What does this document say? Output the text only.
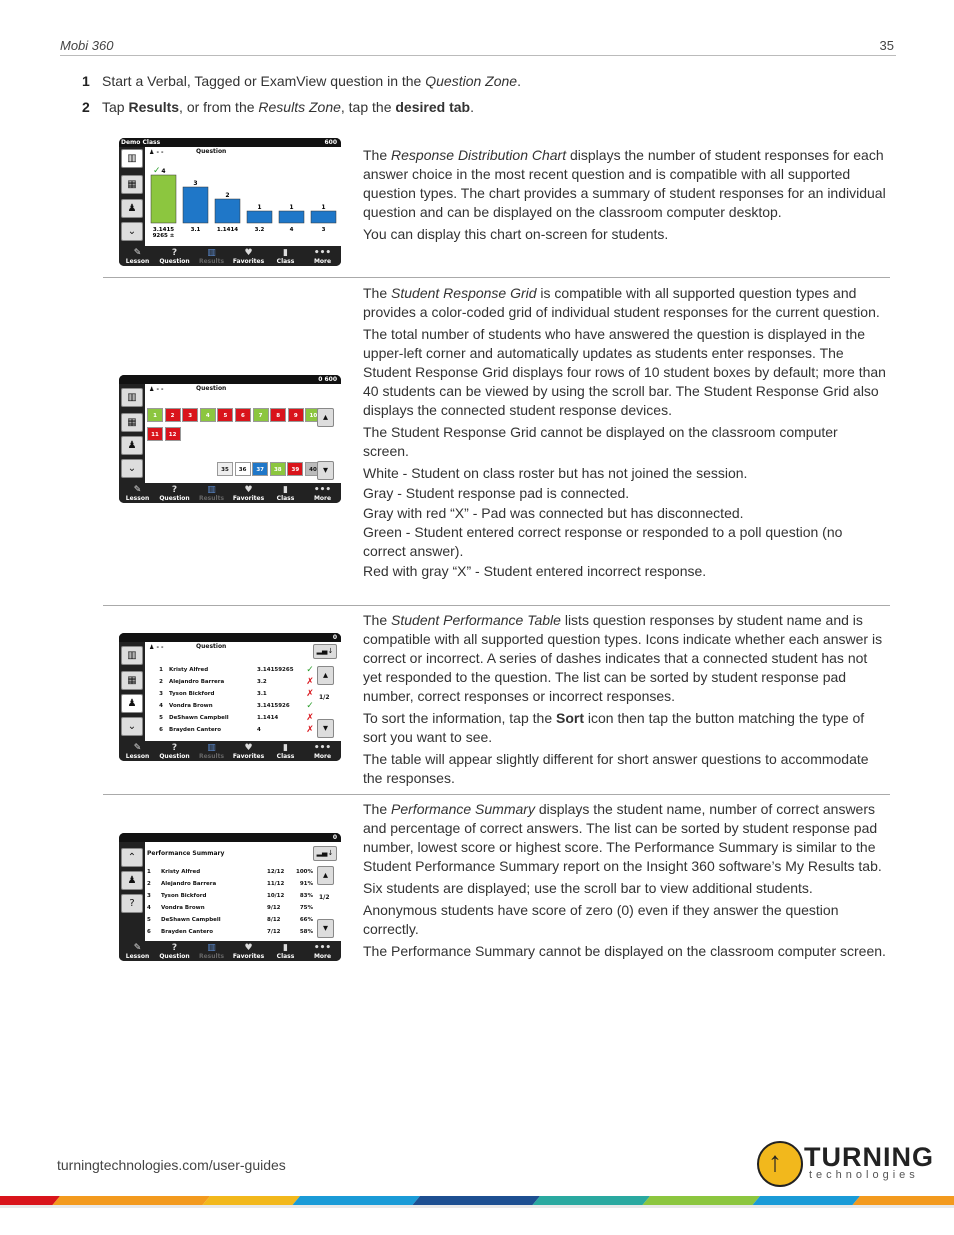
Mobi 360	35
1 Start a Verbal, Tagged or ExamView question in the Question Zone.
2 Tap Results, or from the Results Zone, tap the desired tab.
Demo Class	600
▥
▦
♟
⌄
♟ - -	Question
4
3.1415
9265 ±
3
3.1
2
1.1414
1
3.2
1
4
1
3
✓
✎
Lesson
?
Question
▥
Results
♥
Favorites
▮
Class
•••
More

The Response Distribution Chart displays the number of student responses for each answer choice in the most recent question and is compatible with all supported question types. The chart provides a summary of student responses for an individual question and can be displayed on the classroom computer desktop.

You can display this chart on-screen for students.

0 600
▥
▦
♟
⌄
♟ - -	Question
1	2	3	4	5	6	7	8	9	10
11	12
35	36	37	38	39	40
▴
▾
✎
Lesson
?
Question
▥
Results
♥
Favorites
▮
Class
•••
More

The Student Response Grid is compatible with all supported question types and provides a color-coded grid of individual student responses for the current question.

The total number of students who have answered the question is displayed in the upper-left corner and automatically updates as students enter responses. The Student Response Grid displays four rows of 10 student boxes by default; more than 40 students can be viewed by using the scroll bar. The Student Response Grid also displays the connected student response devices.

The Student Response Grid cannot be displayed on the classroom computer screen.

White - Student on class roster but has not joined the session.

Gray - Student response pad is connected.

Gray with red “X” - Pad was connected but has disconnected.

Green - Student entered correct response or responded to a poll question (no correct answer).

Red with gray “X” - Student entered incorrect response.

0
▥
▦
♟
⌄
♟ - -	Question
▂▄↓
1	Kristy Alfred	3.14159265	✓
2	Alejandro Barrera	3.2	✗
3	Tyson Bickford	3.1	✗
4	Vondra Brown	3.1415926	✓
5	DeShawn Campbell	1.1414	✗
6	Brayden Cantero	4	✗
▴
1/2
▾
✎
Lesson
?
Question
▥
Results
♥
Favorites
▮
Class
•••
More

The Student Performance Table lists question responses by student name and is compatible with all supported question types. Icons indicate whether each answer is correct or incorrect. A series of dashes indicates that a connected student has not yet responded to the question. The list can be sorted by student response pad number, correct responses or incorrect responses.

To sort the information, tap the Sort icon then tap the button matching the type of sort you want to see.

The table will appear slightly different for short answer questions to accommodate the responses.

0
⌃
♟
?
Performance Summary	▂▄↓
1	Kristy Alfred	12/12	100%
2	Alejandro Barrera	11/12	91%
3	Tyson Bickford	10/12	83%
4	Vondra Brown	9/12	75%
5	DeShawn Campbell	8/12	66%
6	Brayden Cantero	7/12	58%
▴
1/2
▾
✎
Lesson
?
Question
▥
Results
♥
Favorites
▮
Class
•••
More

The Performance Summary displays the student name, number of correct answers and percentage of correct answers. The list can be sorted by student response pad number, lowest score or highest score. The Performance Summary is similar to the Student Performance Summary report on the Insight 360 software’s My Results tab.

Six students are displayed; use the scroll bar to view additional students.

Anonymous students have score of zero (0) even if they answer the question correctly.

The Performance Summary cannot be displayed on the classroom computer screen.

turningtechnologies.com/user-guides	↑ TURNING
technologies
